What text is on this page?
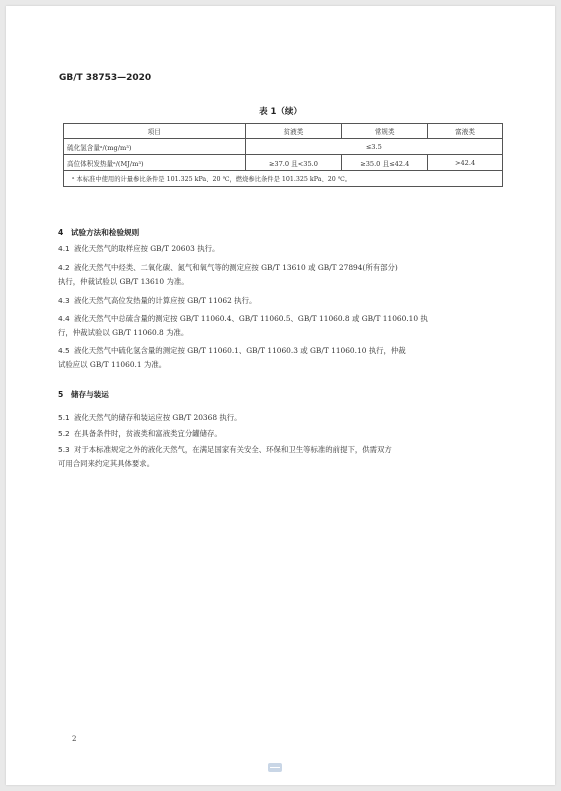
GB/T 38753—2020
表 1（续）
项目	贫液类	常规类	富液类
硫化氢含量ᵃ/(mg/m³)	≤3.5		
高位体积发热量ᵃ/(MJ/m³)	≥37.0 且<35.0	≥35.0 且≤42.4	>42.4
ᵃ 本标准中使用的计量参比条件是 101.325 kPa、20 ℃，燃烧参比条件是 101.325 kPa、20 ℃。			
4　试验方法和检验规则
4.1 液化天然气的取样应按 GB/T 20603 执行。
4.2 液化天然气中烃类、二氧化碳、氮气和氧气等的测定应按 GB/T 13610 或 GB/T 27894(所有部分)
执行，仲裁试验以 GB/T 13610 为准。
4.3 液化天然气高位发热量的计算应按 GB/T 11062 执行。
4.4 液化天然气中总硫含量的测定按 GB/T 11060.4、GB/T 11060.5、GB/T 11060.8 或 GB/T 11060.10 执
行，仲裁试验以 GB/T 11060.8 为准。
4.5 液化天然气中硫化氢含量的测定按 GB/T 11060.1、GB/T 11060.3 或 GB/T 11060.10 执行，仲裁
试验应以 GB/T 11060.1 为准。
5　储存与装运
5.1 液化天然气的储存和装运应按 GB/T 20368 执行。
5.2 在具备条件时，贫液类和富液类宜分罐储存。
5.3 对于本标准规定之外的液化天然气，在满足国家有关安全、环保和卫生等标准的前提下，供需双方
可用合同来约定其具体要求。
2
